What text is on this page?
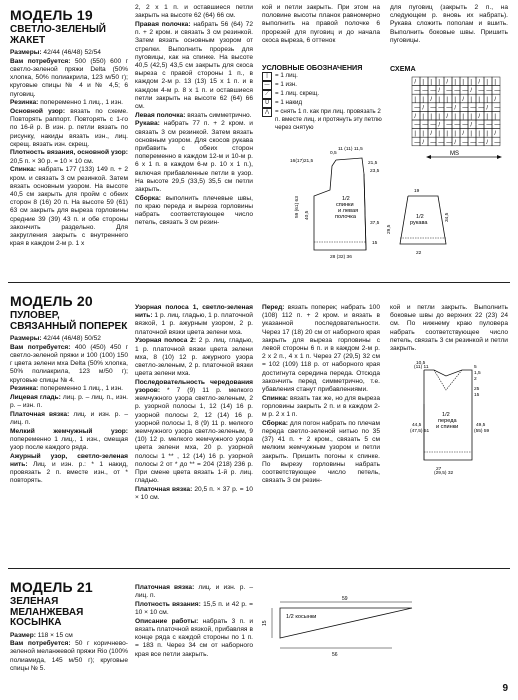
МОДЕЛЬ 19
СВЕТЛО-ЗЕЛЕНЫЙ ЖАКЕТ

Размеры: 42/44 (46/48) 52/54

Вам потребуется: 500 (550) 600 г светло-зеленой пряжи Delta (50% хлопка, 50% полиакрила, 123 м/50 г); круговые спицы № 4 и № 4,5; 6 пуговиц.

Резинка: попеременно 1 лиц., 1 изн.

Основной узор: вязать по схеме. Повторять раппорт. Повторять с 1-го по 16-й р. В изн. р. петли вязать по рисунку, накиды вязать изн., лиц. скрещ. вязать изн. скрещ.

Плотность вязания, основной узор: 20,5 п. × 30 р. = 10 × 10 см.

Спинка: набрать 177 (133) 149 п. + 2 кром. и связать 3 см резинкой. Затем вязать основным узором. На высоте 40,5 см закрыть для пройм с обеих сторон 8 (16) 20 п. На высоте 59 (61) 63 см закрыть для вырезa горловины средние 39 (39) 43 п. и обе стороны закончить раздельно. Для закругления закрыть с внутреннего края в каждом 2-м р. 1 х

2, 2 х 1 п. и оставшиеся петли закрыть на высоте 62 (64) 66 см.

Правая полочка: набрать 56 (64) 72 п. + 2 кром. и связать 3 см резинкой. Затем вязать основным узором от стрелки. Выполнить прорезь для пуговицы, как на спинке. На высоте 40,5 (42,5) 43,5 см закрыть для скоса выреза с правой стороны 1 п., в каждом 2-м р. 13 (13) 15 х 1 п. и в каждом 4-м р. 8 х 1 п. и оставшиеся петли закрыть на высоте 62 (64) 66 см.

Левая полочка: вязать симметрично.

Рукава: набрать 77 п. + 2 кром. и связать 3 см резинкой. Затем вязать основным узором. Для скосов рукава прибавить с обеих сторон попеременно в каждом 12-м и 10-м р. 6 х 1 п. в каждом 6-м р. 10 х 1 п.), включая прибавленные петли в узор. На высоте 29,5 (33,5) 35,5 см петли закрыть.

Сборка: выполнить плечевые швы, по краю переда и выреза горловины набрать соответствующее число петель, связать 3 см резин-

кой и петли закрыть. При этом на половине высоты планок равномерно выполнить на правой полочке 6 прорезей для пуговиц и до начала скоса выреза, 6 оттенок
для пуговиц (закрыть 2 п., на следующем р. вновь их набрать). Рукава сложить пополам и вшить. Выполнить боковые швы. Пришить пуговицы.
УСЛОВНЫЕ ОБОЗНАЧЕНИЯ
|	= 1 лиц.
— = 1 изн.
⟋	= 1 лиц. скрещ.
U = 1 накид
⋀ = снять 1 п. как при лиц. провязать 2 п. вместе лиц. и протянуть эту петлю через снятую
СХЕМА
/ | | | / | | | / | |
— — — / — — — / — — —
| | / | | | / | | | /
— / — — — / — — — / —
/ | | | / | | | / | |
— — — / — — — / — — —
| | / | | | / | | | /
— / — — — / — — — / —
MS
1/2 спинки и левая полочка	1/2 рукава
0,5
11 (11) 11,5
16(17)21,5	21,5
23,5
59 (61) 63 40,5
37,5
15
28 (32) 36
19
29,5
22
34,5
МОДЕЛЬ 20
ПУЛОВЕР, СВЯЗАННЫЙ ПОПЕРЕК

Размеры: 42/44 (46/48) 50/52

Вам потребуется: 400 (450) 450 г светло-зеленой пряжи и 100 (100) 150 г цвета зелени мха Delta (50% хлопка, 50% полиакрила, 123 м/50 г); круговые спицы № 4.

Резинка: попеременно 1 лиц., 1 изн.

Лицевая гладь: лиц. р. – лиц. п., изн. р. – изн. п.

Платочная вязка: лиц. и изн. р. – лиц. п.

Мелкий жемчужный узор: попеременно 1 лиц., 1 изн., смещая узор после каждого ряда.

Ажурный узор, светло-зеленая нить: Лиц. и изн. р.: * 1 накид, провязать 2 п. вместе изн., от * повторять.

Узорная полоса 1, светло-зеленая нить: 1 р. лиц. гладью, 1 р. платочной вязкой, 1 р. ажурным узором, 2 р. платочной вязки цвета зелени мха.

Узорная полоса 2: 2 р. лиц. гладью, 1 р. платочной вязки цвета зелени мха, 8 (10) 12 р. ажурного узора светло-зеленым, 2 р. платочной вязки цвета зелени мха.

Последовательность чередования узоров: * 7 (9) 11 р. мелкого жемчужного узора светло-зеленым, 2 р. узорной полосы 1, 12 (14) 16 р. узорной полосы 2, 12 (14) 16 р. узорной полосы 1, 8 (9) 11 р. мелкого жемчужного узора светло-зеленым, 9 (10) 12 р. мелкого жемчужного узора цвета зелени мха, 20 р. узорной полосы 1 ** , 12 (14) 16 р. узорной полосы 2 от * до ** = 204 (218) 236 р. При смене цвета вязать 1-й р. лиц. гладью.

Платочная вязка: 20,5 п. × 37 р. = 10 × 10 см.

Перед: вязать поперек; набрать 100 (108) 112 п. + 2 кром. и вязать в указанной последовательности. Через 17 (18) 20 см от наборного края закрыть для выреза горловины с левой стороны 6 п. и в каждом 2-м р. 2 х 2 п., 4 х 1 п. Через 27 (29,5) 32 см = 102 (109) 118 р. от наборного края достигнута середина переда. Отсюда закончить перед симметрично, т.е. убавления станут прибавлениями.

Спинка: вязать так же, но для выреза горловины закрыть 2 п. и в каждом 2-м р. 2 х 1 п.

Сборка: для погон набрать по плечам переда светло-зеленой нитью по 35 (37) 41 п. + 2 кром., связать 5 см мелким жемчужным узором и петли закрыть. Пришить погоны к спинке. По вырезу горловины набрать соответствующее число петель, связать 3 см резин-

кой и петли закрыть. Выполнить боковые швы до верхних 22 (23) 24 см. По нижнему краю пуловера набрать соответствующее число петель, связать 3 см резинкой и петли закрыть.
1/2 переда и спинки
10,5
(11) 11	5
1,5
2
25
15
44,5
(47,5) 51
49,5
(55) 59
27
(29,5) 32
МОДЕЛЬ 21
ЗЕЛЕНАЯ МЕЛАНЖЕВАЯ КОСЫНКА

Размер: 118 × 15 см

Вам потребуется: 50 г коричнево-зеленой меланжевой пряжи Rio (100% полиамида, 145 м/50 г); круговые спицы № 5.

Платочная вязка: лиц. и изн. р. – лиц. п.

Плотность вязания: 15,5 п. и 42 р. = 10 × 10 см.

Описание работы: набрать 3 п. и вязать платочной вязкой, прибавляя в конце ряда с каждой стороны по 1 п. = 183 п. Через 34 см от наборного края все петли закрыть.

1/2 косынки
59
15
56
9
